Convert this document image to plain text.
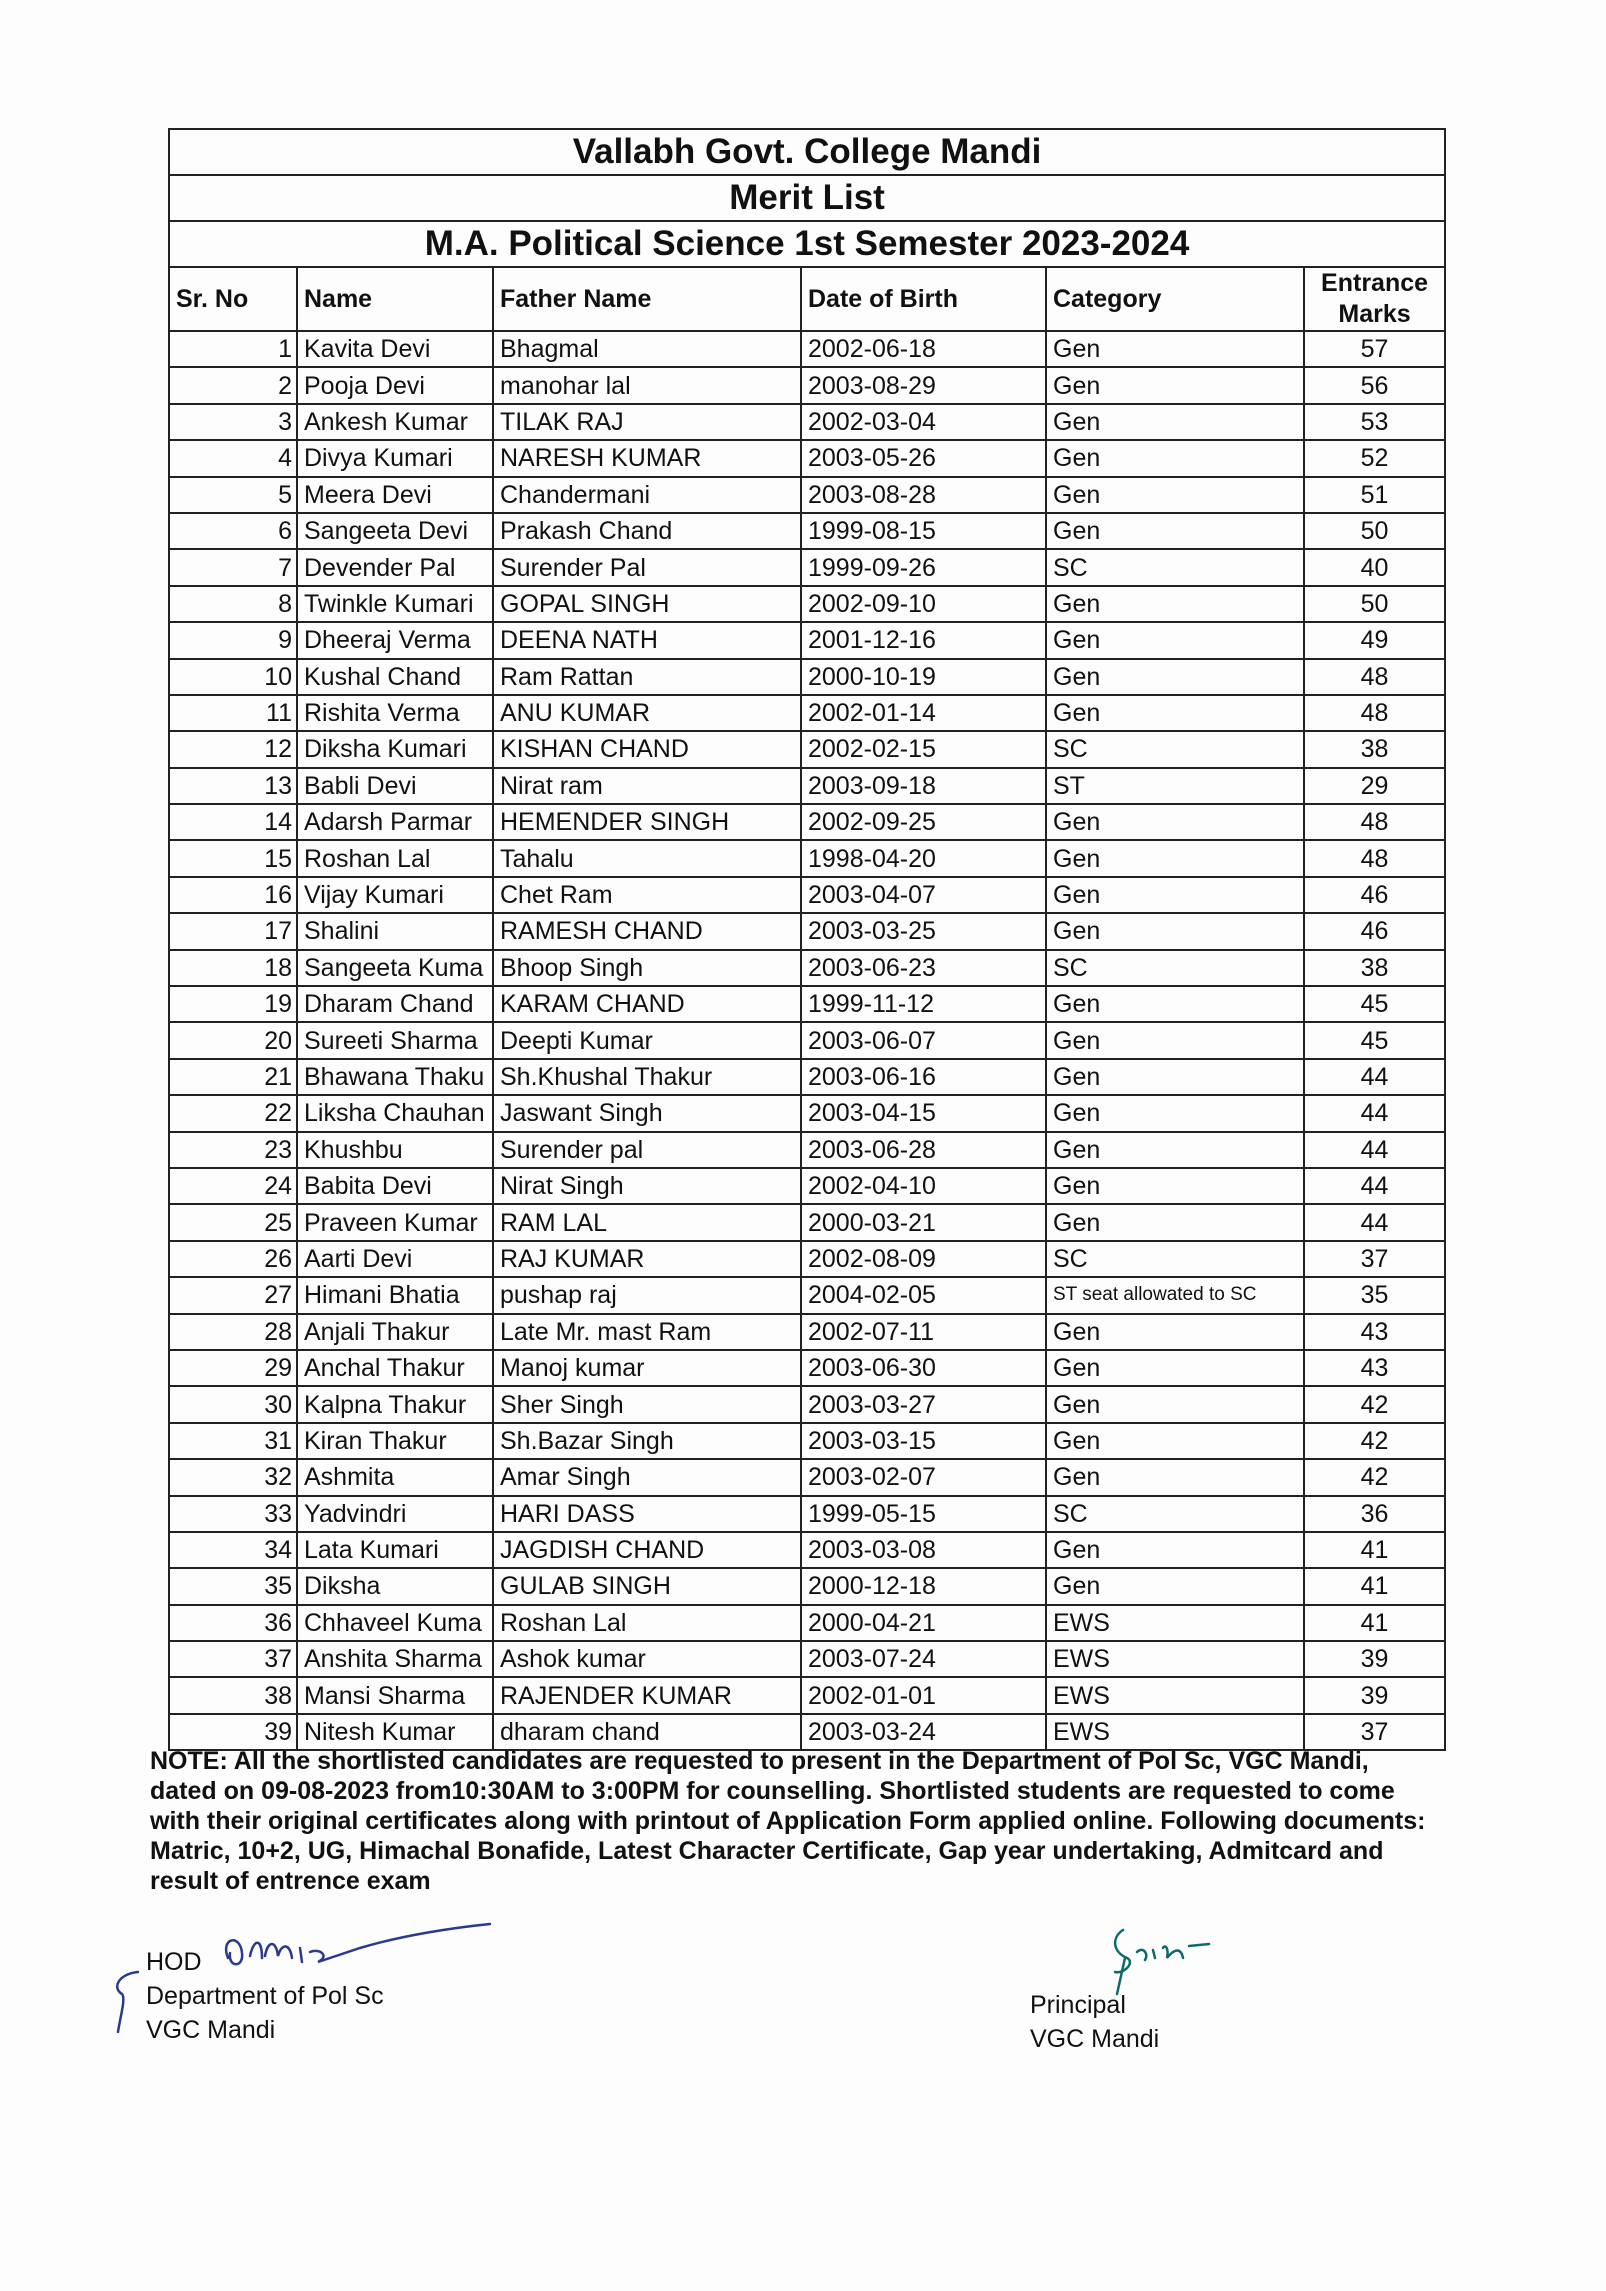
Vallabh Govt. College Mandi					
Merit List					
M.A. Political Science 1st Semester 2023-2024					
Sr. No	Name	Father Name	Date of Birth	Category	Entrance
Marks

1	Kavita Devi	Bhagmal	2002-06-18	Gen	57
2	Pooja Devi	manohar lal	2003-08-29	Gen	56
3	Ankesh Kumar	TILAK RAJ	2002-03-04	Gen	53
4	Divya Kumari	NARESH KUMAR	2003-05-26	Gen	52
5	Meera Devi	Chandermani	2003-08-28	Gen	51
6	Sangeeta Devi	Prakash Chand	1999-08-15	Gen	50
7	Devender Pal	Surender Pal	1999-09-26	SC	40
8	Twinkle Kumari	GOPAL SINGH	2002-09-10	Gen	50
9	Dheeraj Verma	DEENA NATH	2001-12-16	Gen	49
10	Kushal Chand	Ram Rattan	2000-10-19	Gen	48
11	Rishita Verma	ANU KUMAR	2002-01-14	Gen	48
12	Diksha Kumari	KISHAN CHAND	2002-02-15	SC	38
13	Babli Devi	Nirat ram	2003-09-18	ST	29
14	Adarsh Parmar	HEMENDER SINGH	2002-09-25	Gen	48
15	Roshan Lal	Tahalu	1998-04-20	Gen	48
16	Vijay Kumari	Chet Ram	2003-04-07	Gen	46
17	Shalini	RAMESH CHAND	2003-03-25	Gen	46
18	Sangeeta Kuma	Bhoop Singh	2003-06-23	SC	38
19	Dharam Chand	KARAM CHAND	1999-11-12	Gen	45
20	Sureeti Sharma	Deepti Kumar	2003-06-07	Gen	45
21	Bhawana Thaku	Sh.Khushal Thakur	2003-06-16	Gen	44
22	Liksha Chauhan	Jaswant Singh	2003-04-15	Gen	44
23	Khushbu	Surender pal	2003-06-28	Gen	44
24	Babita Devi	Nirat Singh	2002-04-10	Gen	44
25	Praveen Kumar	RAM LAL	2000-03-21	Gen	44
26	Aarti Devi	RAJ KUMAR	2002-08-09	SC	37
27	Himani Bhatia	pushap raj	2004-02-05	ST seat allowated to SC	35
28	Anjali Thakur	Late Mr. mast Ram	2002-07-11	Gen	43
29	Anchal Thakur	Manoj kumar	2003-06-30	Gen	43
30	Kalpna Thakur	Sher Singh	2003-03-27	Gen	42
31	Kiran Thakur	Sh.Bazar Singh	2003-03-15	Gen	42
32	Ashmita	Amar Singh	2003-02-07	Gen	42
33	Yadvindri	HARI DASS	1999-05-15	SC	36
34	Lata Kumari	JAGDISH CHAND	2003-03-08	Gen	41
35	Diksha	GULAB SINGH	2000-12-18	Gen	41
36	Chhaveel Kuma	Roshan Lal	2000-04-21	EWS	41
37	Anshita Sharma	Ashok kumar	2003-07-24	EWS	39
38	Mansi Sharma	RAJENDER KUMAR	2002-01-01	EWS	39
39	Nitesh Kumar	dharam chand	2003-03-24	EWS	37
NOTE: All the shortlisted candidates are requested to present in the Department of Pol Sc, VGC Mandi, dated on 09-08-2023 from10:30AM to 3:00PM for counselling. Shortlisted students are requested to come with their original certificates along with printout of Application Form applied online. Following documents: Matric, 10+2, UG, Himachal Bonafide, Latest Character Certificate, Gap year undertaking, Admitcard and result of entrence exam
HOD
Department of Pol Sc
VGC Mandi
Principal
VGC Mandi
